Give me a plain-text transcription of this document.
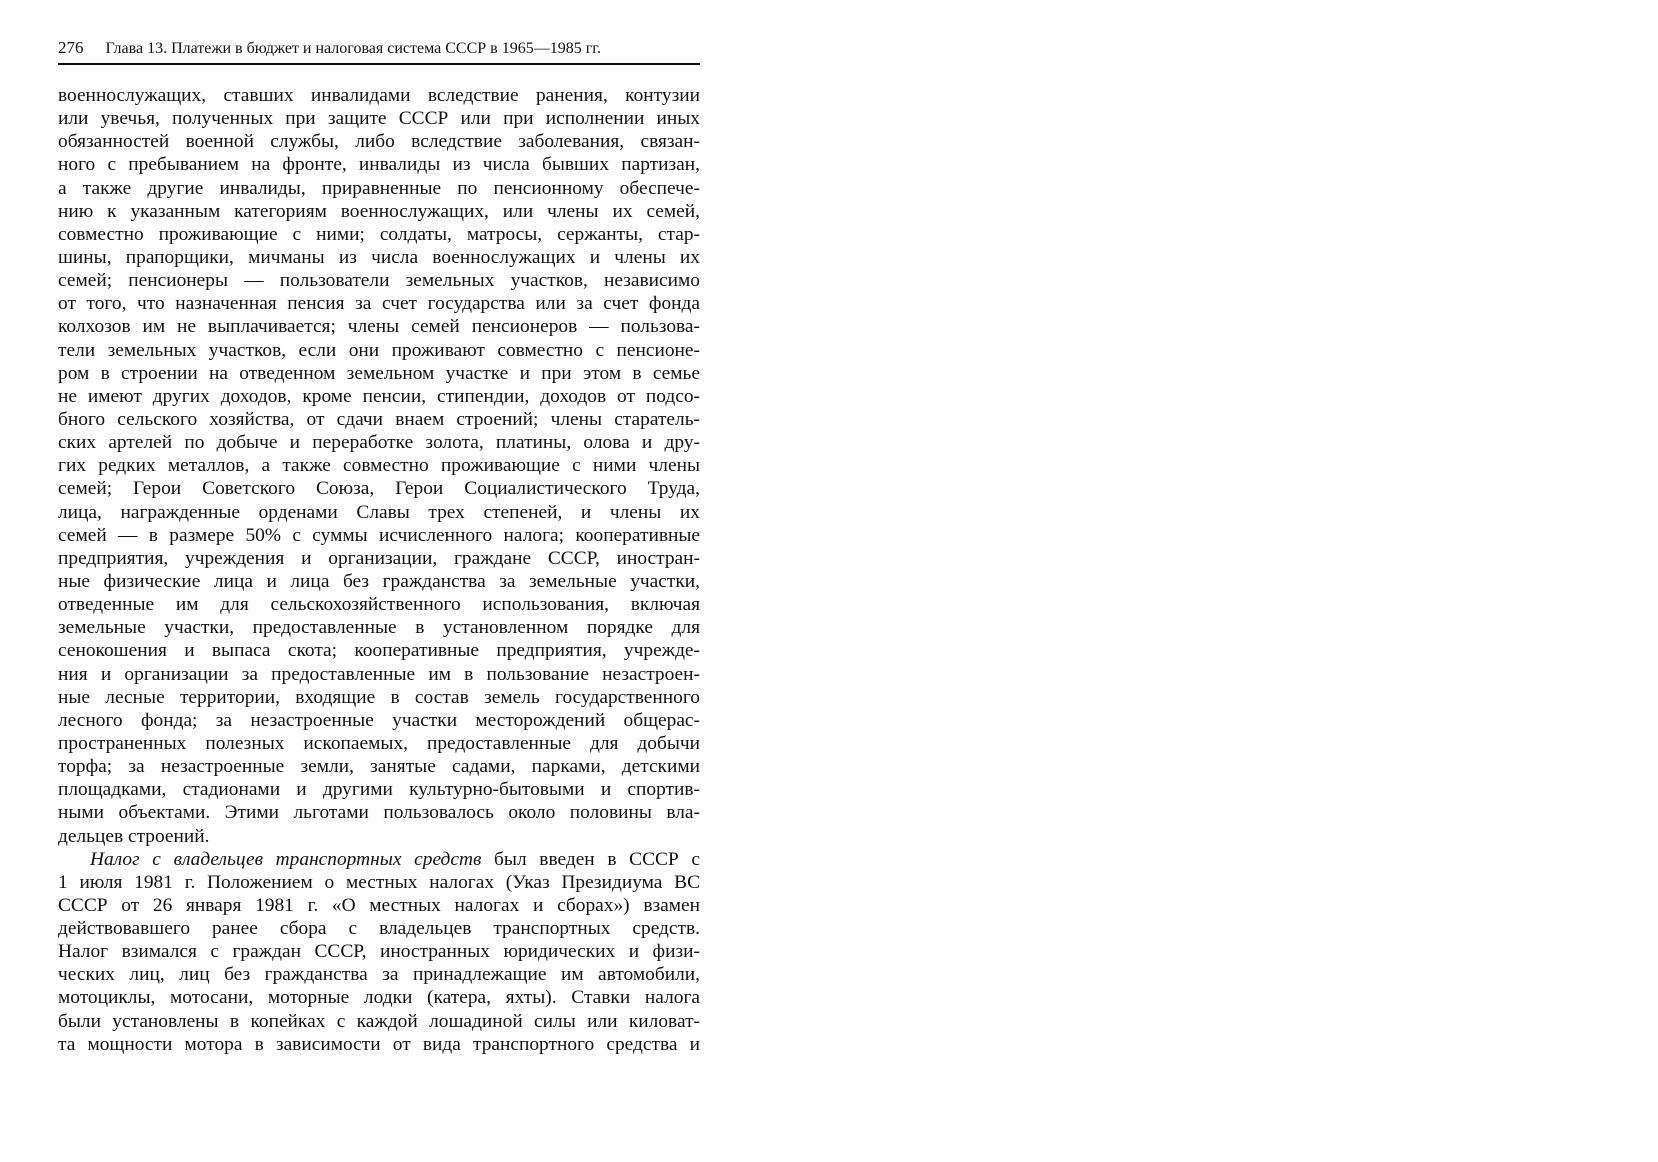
276 Глава 13. Платежи в бюджет и налоговая система СССР в 1965—1985 гг.
военнослужащих, ставших инвалидами вследствие ранения, контузии
или увечья, полученных при защите СССР или при исполнении иных
обязанностей военной службы, либо вследствие заболевания, связан-
ного с пребыванием на фронте, инвалиды из числа бывших партизан,
а также другие инвалиды, приравненные по пенсионному обеспече-
нию к указанным категориям военнослужащих, или члены их семей,
совместно проживающие с ними; солдаты, матросы, сержанты, стар-
шины, прапорщики, мичманы из числа военнослужащих и члены их
семей; пенсионеры — пользователи земельных участков, независимо
от того, что назначенная пенсия за счет государства или за счет фонда
колхозов им не выплачивается; члены семей пенсионеров — пользова-
тели земельных участков, если они проживают совместно с пенсионе-
ром в строении на отведенном земельном участке и при этом в семье
не имеют других доходов, кроме пенсии, стипендии, доходов от подсо-
бного сельского хозяйства, от сдачи внаем строений; члены старатель-
ских артелей по добыче и переработке золота, платины, олова и дру-
гих редких металлов, а также совместно проживающие с ними члены
семей; Герои Советского Союза, Герои Социалистического Труда,
лица, награжденные орденами Славы трех степеней, и члены их
семей — в размере 50% с суммы исчисленного налога; кооперативные
предприятия, учреждения и организации, граждане СССР, иностран-
ные физические лица и лица без гражданства за земельные участки,
отведенные им для сельскохозяйственного использования, включая
земельные участки, предоставленные в установленном порядке для
сенокошения и выпаса скота; кооперативные предприятия, учрежде-
ния и организации за предоставленные им в пользование незастроен-
ные лесные территории, входящие в состав земель государственного
лесного фонда; за незастроенные участки месторождений общерас-
пространенных полезных ископаемых, предоставленные для добычи
торфа; за незастроенные земли, занятые садами, парками, детскими
площадками, стадионами и другими культурно-бытовыми и спортив-
ными объектами. Этими льготами пользовалось около половины вла-
дельцев строений.
Налог с владельцев транспортных средств был введен в СССР с
1 июля 1981 г. Положением о местных налогах (Указ Президиума ВС
СССР от 26 января 1981 г. «О местных налогах и сборах») взамен
действовавшего ранее сбора с владельцев транспортных средств.
Налог взимался с граждан СССР, иностранных юридических и физи-
ческих лиц, лиц без гражданства за принадлежащие им автомобили,
мотоциклы, мотосани, моторные лодки (катера, яхты). Ставки налога
были установлены в копейках с каждой лошадиной силы или киловат-
та мощности мотора в зависимости от вида транспортного средства и
